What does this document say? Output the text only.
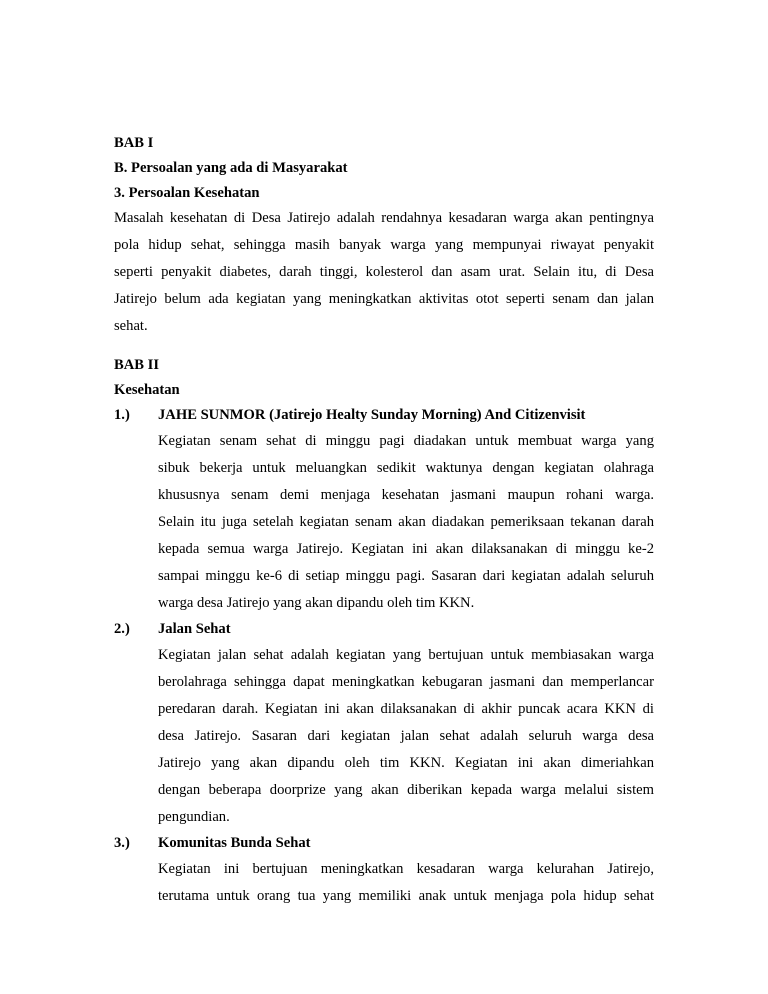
BAB I
B. Persoalan yang ada di Masyarakat
3. Persoalan Kesehatan
Masalah kesehatan di Desa Jatirejo adalah rendahnya kesadaran warga akan pentingnya
pola hidup sehat, sehingga masih banyak warga yang mempunyai riwayat penyakit
seperti penyakit diabetes, darah tinggi, kolesterol dan asam urat. Selain itu, di Desa
Jatirejo belum ada kegiatan yang meningkatkan aktivitas otot seperti senam dan jalan
sehat.
BAB II
Kesehatan
1.) JAHE SUNMOR (Jatirejo Healty Sunday Morning) And Citizenvisit
Kegiatan senam sehat di minggu pagi diadakan untuk membuat warga yang
sibuk bekerja untuk meluangkan sedikit waktunya dengan kegiatan olahraga
khususnya senam demi menjaga kesehatan jasmani maupun rohani warga.
Selain itu juga setelah kegiatan senam akan diadakan pemeriksaan tekanan darah
kepada semua warga Jatirejo. Kegiatan ini akan dilaksanakan di minggu ke-2
sampai minggu ke-6 di setiap minggu pagi. Sasaran dari kegiatan adalah seluruh
warga desa Jatirejo yang akan dipandu oleh tim KKN.
2.) Jalan Sehat
Kegiatan jalan sehat adalah kegiatan yang bertujuan untuk membiasakan warga
berolahraga sehingga dapat meningkatkan kebugaran jasmani dan memperlancar
peredaran darah. Kegiatan ini akan dilaksanakan di akhir puncak acara KKN di
desa Jatirejo. Sasaran dari kegiatan jalan sehat adalah seluruh warga desa
Jatirejo yang akan dipandu oleh tim KKN. Kegiatan ini akan dimeriahkan
dengan beberapa doorprize yang akan diberikan kepada warga melalui sistem
pengundian.
3.) Komunitas Bunda Sehat
Kegiatan ini bertujuan meningkatkan kesadaran warga kelurahan Jatirejo,
terutama untuk orang tua yang memiliki anak untuk menjaga pola hidup sehat
